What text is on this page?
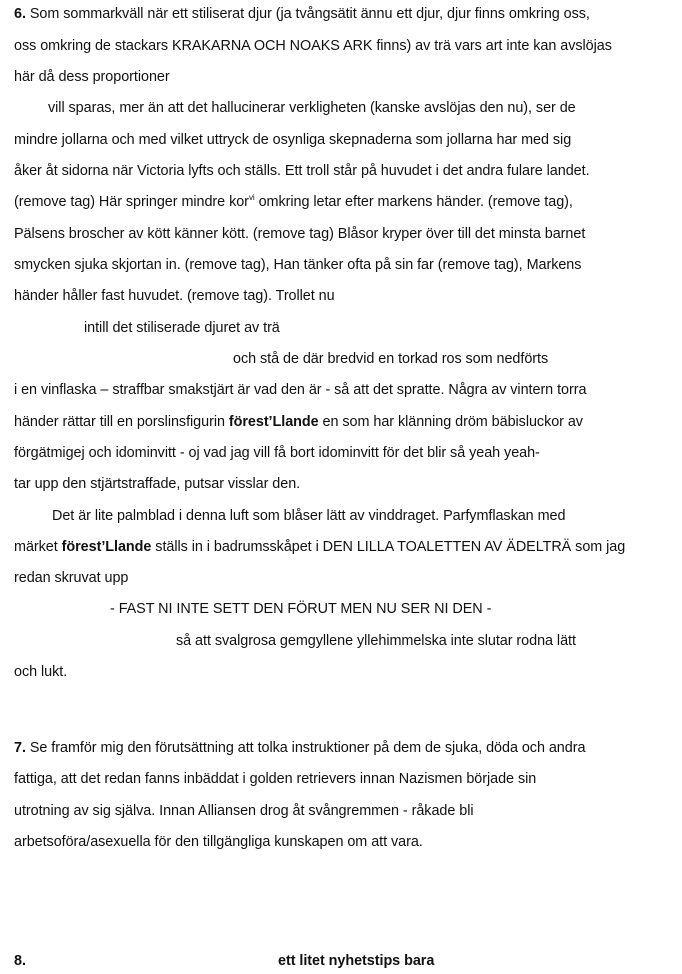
6. Som sommarkväll när ett stiliserat djur (ja tvångsätit ännu ett djur, djur finns omkring oss,
oss omkring de stackars KRAKARNA OCH NOAKS ARK finns) av trä vars art inte kan avslöjas
här då dess proportioner
vill sparas, mer än att det hallucinerar verkligheten (kanske avslöjas den nu), ser de
mindre jollarna och med vilket uttryck de osynliga skepnaderna som jollarna har med sig
åker åt sidorna när Victoria lyfts och ställs. Ett troll står på huvudet i det andra fulare landet.
(remove tag) Här springer mindre kor$^{vi}$ omkring letar efter markens händer. (remove tag),
Pälsens broscher av kött känner kött. (remove tag) Blåsor kryper över till det minsta barnet
smycken sjuka skjortan in. (remove tag), Han tänker ofta på sin far (remove tag), Markens
händer håller fast huvudet. (remove tag). Trollet nu
intill det stiliserade djuret av trä
och stå de där bredvid en torkad ros som nedförts
i en vinflaska – straffbar smakstjärt är vad den är - så att det spratte. Några av vintern torra
händer rättar till en porslinsfigurin förest’Llande en som har klänning dröm bäbisluckor av
förgätmigej och idominvitt - oj vad jag vill få bort idominvitt för det blir så yeah yeah-
tar upp den stjärtstraffade, putsar visslar den.
Det är lite palmblad i denna luft som blåser lätt av vinddraget. Parfymflaskan med
märket förest’Llande ställs in i badrumsskåpet i DEN LILLA TOALETTEN AV ÄDELTRÄ som jag
redan skruvat upp
- FAST NI INTE SETT DEN FÖRUT MEN NU SER NI DEN -
så att svalgrosa gemgyllene yllehimmelska inte slutar rodna lätt
och lukt.
7. Se framför mig den förutsättning att tolka instruktioner på dem de sjuka, döda och andra
fattiga, att det redan fanns inbäddat i golden retrievers innan Nazismen började sin
utrotning av sig själva. Innan Alliansen drog åt svångremmen - råkade bli
arbetsoföra/asexuella för den tillgängliga kunskapen om att vara.
8.	ett litet nyhetstips bara
